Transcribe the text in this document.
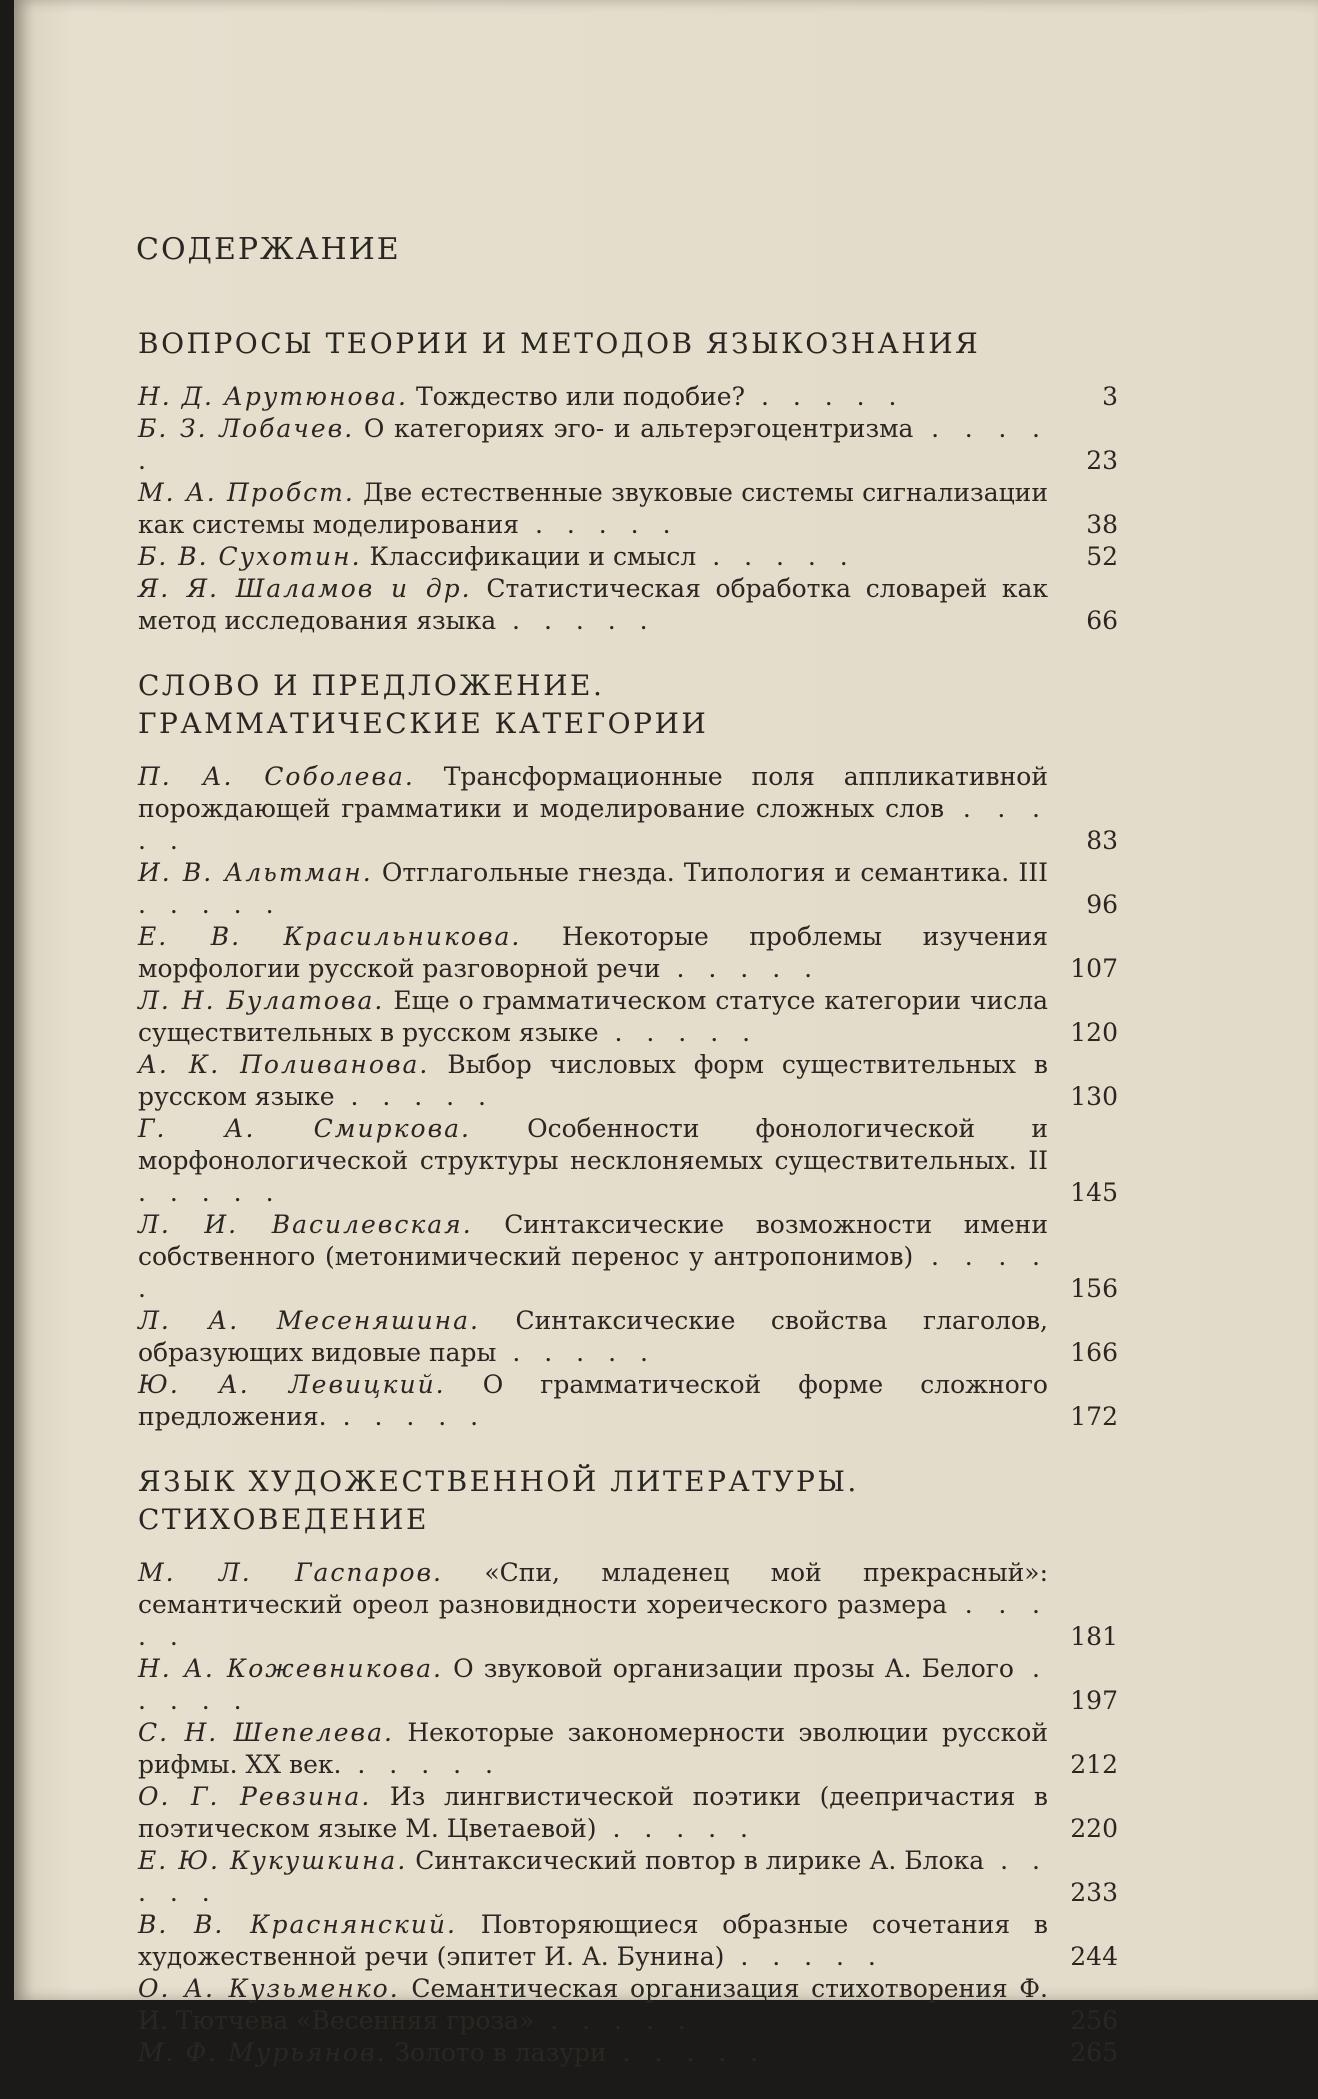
СОДЕРЖАНИЕ
ВОПРОСЫ ТЕОРИИ И МЕТОДОВ ЯЗЫКОЗНАНИЯ
Н. Д. Арутюнова. Тождество или подобие? . . . . .	3
Б. З. Лобачев. О категориях эго- и альтерэгоцентризма . . . . .	23
М. А. Пробст. Две естественные звуковые системы сигнализации как системы моделирования . . . . .	38
Б. В. Сухотин. Классификации и смысл . . . . .	52
Я. Я. Шаламов и др. Статистическая обработка словарей как метод исследования языка . . . . .	66
СЛОВО И ПРЕДЛОЖЕНИЕ.
ГРАММАТИЧЕСКИЕ КАТЕГОРИИ
П. А. Соболева. Трансформационные поля аппликативной порождающей грамматики и моделирование сложных слов . . . . .	83
И. В. Альтман. Отглагольные гнезда. Типология и семантика. III . . . . .	96
Е. В. Красильникова. Некоторые проблемы изучения морфологии русской разговорной речи . . . . .	107
Л. Н. Булатова. Еще о грамматическом статусе категории числа существительных в русском языке . . . . .	120
А. К. Поливанова. Выбор числовых форм существительных в русском языке . . . . .	130
Г. А. Смиркова. Особенности фонологической и морфонологической структуры несклоняемых существительных. II . . . . .	145
Л. И. Василевская. Синтаксические возможности имени собственного (метонимический перенос у антропонимов) . . . . .	156
Л. А. Месеняшина. Синтаксические свойства глаголов, образующих видовые пары . . . . .	166
Ю. А. Левицкий. О грамматической форме сложного предложения. . . . . .	172
ЯЗЫК ХУДОЖЕСТВЕННОЙ ЛИТЕРАТУРЫ.
СТИХОВЕДЕНИЕ
М. Л. Гаспаров. «Спи, младенец мой прекрасный»: семантический ореол разновидности хореического размера . . . . .	181
Н. А. Кожевникова. О звуковой организации прозы А. Белого . . . . .	197
С. Н. Шепелева. Некоторые закономерности эволюции русской рифмы. XX век. . . . . .	212
О. Г. Ревзина. Из лингвистической поэтики (деепричастия в поэтическом языке М. Цветаевой) . . . . .	220
Е. Ю. Кукушкина. Синтаксический повтор в лирике А. Блока . . . . .	233
В. В. Краснянский. Повторяющиеся образные сочетания в художественной речи (эпитет И. А. Бунина) . . . . .	244
О. А. Кузьменко. Семантическая организация стихотворения Ф. И. Тютчева «Весенняя гроза» . . . . .	256
М. Ф. Мурьянов. Золото в лазури . . . . .	265
